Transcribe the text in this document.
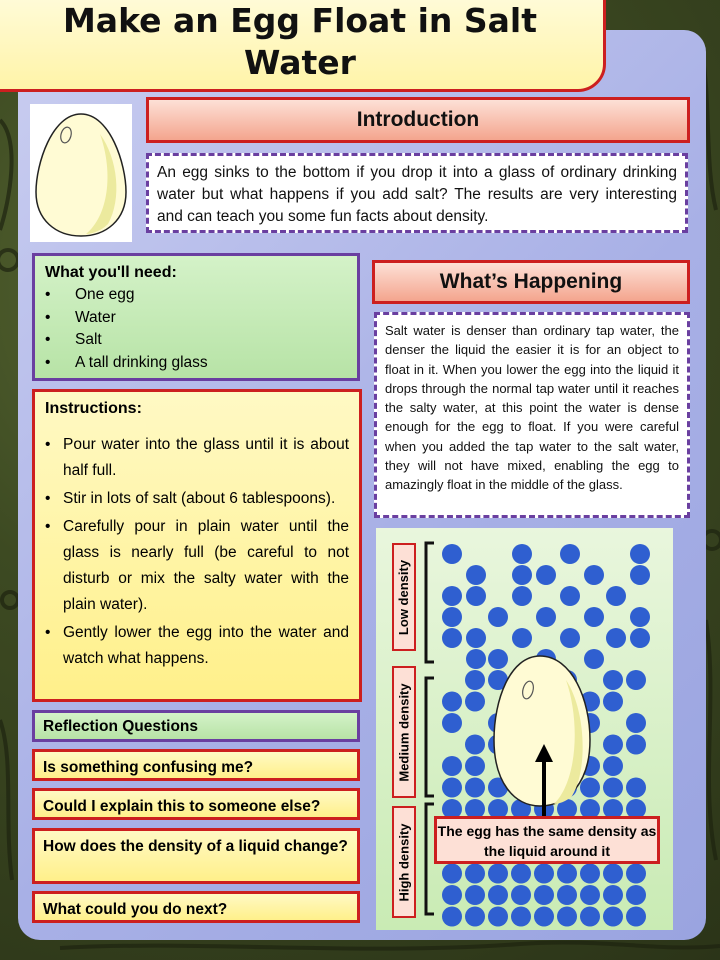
Make an Egg Float in Salt Water
Introduction
An egg sinks to the bottom if you drop it into a glass of ordinary drinking water but what happens if you add salt? The results are very interesting and can teach you some fun facts about density.
What you'll need:
• One egg
• Water
• Salt
• A tall drinking glass
Instructions:
• Pour water into the glass until it is about half full.
• Stir in lots of salt (about 6 tablespoons).
• Carefully pour in plain water until the glass is nearly full (be careful to not disturb or mix the salty water with the plain water).
• Gently lower the egg into the water and watch what happens.
Reflection Questions
Is something confusing me?
Could I explain this to someone else?
How does the density of a liquid change?
What could you do next?
What’s Happening
Salt water is denser than ordinary tap water, the denser the liquid the easier it is for an object to float in it. When you lower the egg into the liquid it drops through the normal tap water until it reaches the salty water, at this point the water is dense enough for the egg to float. If you were careful when you added the tap water to the salt water, they will not have mixed, enabling the egg to amazingly float in the middle of the glass.
Low density
Medium density
High density The egg has the same density as the liquid around it
